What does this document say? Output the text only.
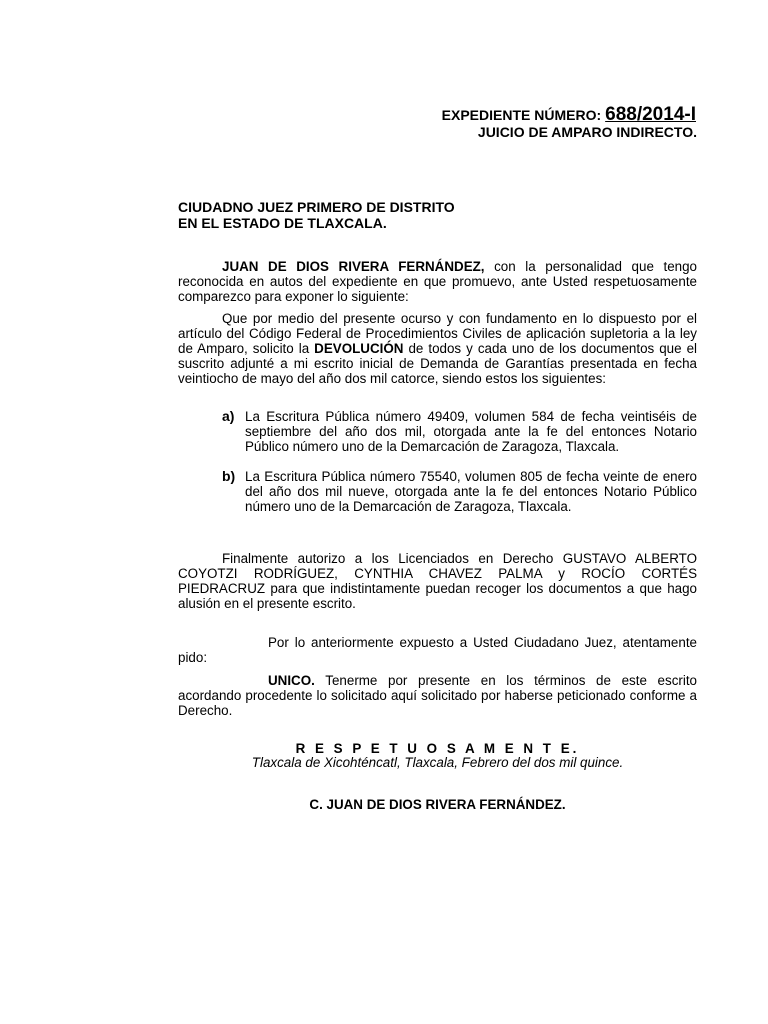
EXPEDIENTE NÚMERO: 688/2014-I
JUICIO DE AMPARO INDIRECTO.
CIUDADNO JUEZ PRIMERO DE DISTRITO
EN EL ESTADO DE TLAXCALA.

JUAN DE DIOS RIVERA FERNÁNDEZ, con la personalidad que tengo reconocida en autos del expediente en que promuevo, ante Usted respetuosamente comparezco para exponer lo siguiente:

Que por medio del presente ocurso y con fundamento en lo dispuesto por el artículo del Código Federal de Procedimientos Civiles de aplicación supletoria a la ley de Amparo, solicito la DEVOLUCIÓN de todos y cada uno de los documentos que el suscrito adjunté a mi escrito inicial de Demanda de Garantías presentada en fecha veintiocho de mayo del año dos mil catorce, siendo estos los siguientes:

a) La Escritura Pública número 49409, volumen 584 de fecha veintiséis de septiembre del año dos mil, otorgada ante la fe del entonces Notario Público número uno de la Demarcación de Zaragoza, Tlaxcala.
b) La Escritura Pública número 75540, volumen 805 de fecha veinte de enero del año dos mil nueve, otorgada ante la fe del entonces Notario Público número uno de la Demarcación de Zaragoza, Tlaxcala.

Finalmente autorizo a los Licenciados en Derecho GUSTAVO ALBERTO COYOTZI RODRÍGUEZ, CYNTHIA CHAVEZ PALMA y ROCÍO CORTÉS PIEDRACRUZ para que indistintamente puedan recoger los documentos a que hago alusión en el presente escrito.

Por lo anteriormente expuesto a Usted Ciudadano Juez, atentamente pido:

UNICO. Tenerme por presente en los términos de este escrito acordando procedente lo solicitado aquí solicitado por haberse peticionado conforme a Derecho.

R E S P E T U O S A M E N T E.
Tlaxcala de Xicohténcatl, Tlaxcala, Febrero del dos mil quince.
C. JUAN DE DIOS RIVERA FERNÁNDEZ.
